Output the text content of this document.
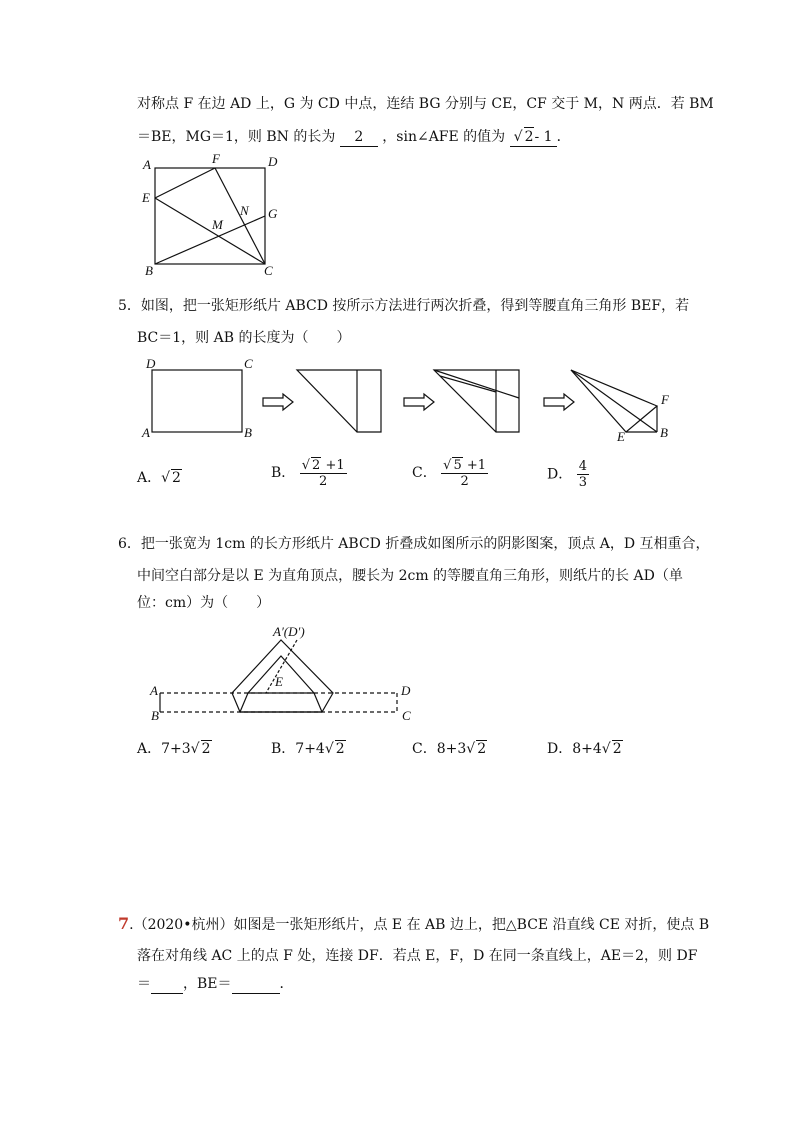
对称点 F 在边 AD 上，G 为 CD 中点，连结 BG 分别与 CE，CF 交于 M，N 两点．若 BM
＝BE，MG＝1，则 BN 的长为 2 ，sin∠AFE 的值为 √ 2- 1 ．
A	F	D
E
N G
M
B	C
D	C
A	B
F
E	B
A′(D′)
E
A	D
B	C
5．如图，把一张矩形纸片 ABCD 按所示方法进行两次折叠，得到等腰直角三角形 BEF，若
BC＝1，则 AB 的长度为（　　）
A．√ 2	B． $\frac{√ 2 +1}{2}$	C． $\frac{√ 5 +1}{2}$	D． $\frac{4}{3}$
6．把一张宽为 1cm 的长方形纸片 ABCD 折叠成如图所示的阴影图案，顶点 A，D 互相重合，
中间空白部分是以 E 为直角顶点，腰长为 2cm 的等腰直角三角形，则纸片的长 AD（单
位：cm）为（　　）
A．7+3√ 2	B．7+4√ 2	C．8+3√ 2	D．8+4√ 2
7.（2020•杭州）如图是一张矩形纸片，点 E 在 AB 边上，把△BCE 沿直线 CE 对折，使点 B
落在对角线 AC 上的点 F 处，连接 DF．若点 E，F，D 在同一条直线上，AE＝2，则 DF
＝ ，BE＝	．
